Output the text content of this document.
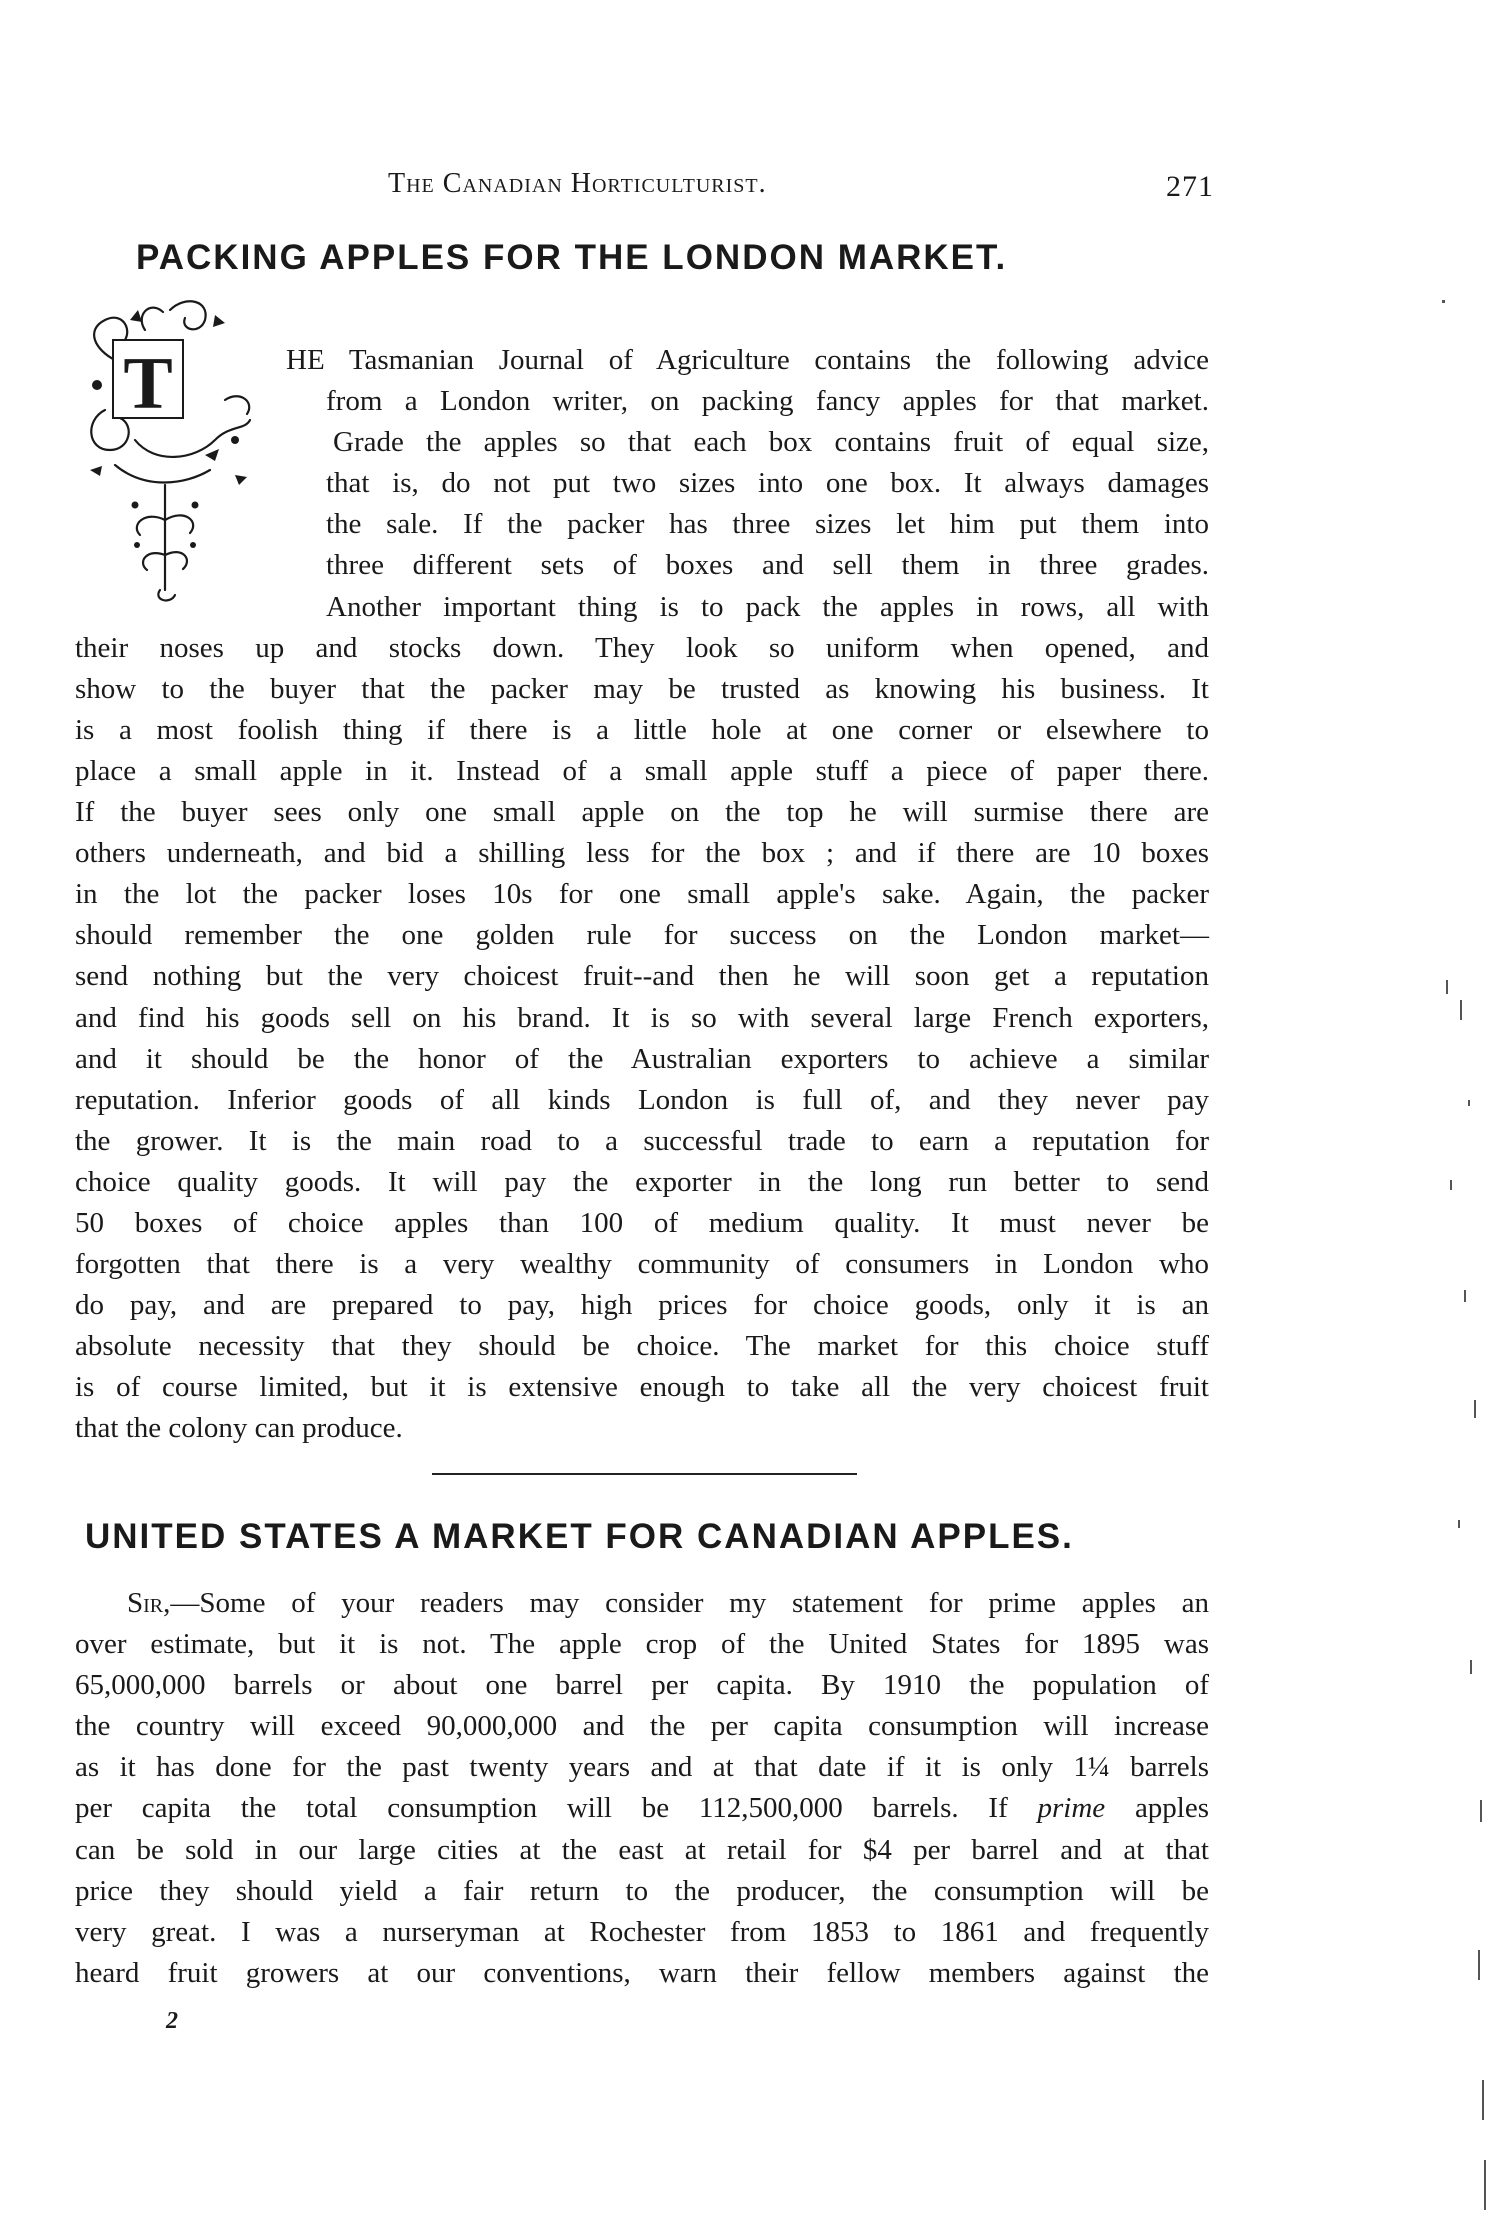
The Canadian Horticulturist.	271
PACKING APPLES FOR THE LONDON MARKET.
T	HE Tasmanian Journal of Agriculture contains the following advice
from a London writer, on packing fancy apples for that market.
Grade the apples so that each box contains fruit of equal size,
that is, do not put two sizes into one box. It always damages
the sale. If the packer has three sizes let him put them into
three different sets of boxes and sell them in three grades.
Another important thing is to pack the apples in rows, all with
their noses up and stocks down. They look so uniform when opened, and
show to the buyer that the packer may be trusted as knowing his business. It
is a most foolish thing if there is a little hole at one corner or elsewhere to
place a small apple in it. Instead of a small apple stuff a piece of paper there.
If the buyer sees only one small apple on the top he will surmise there are
others underneath, and bid a shilling less for the box ; and if there are 10 boxes
in the lot the packer loses 10s for one small apple's sake. Again, the packer
should remember the one golden rule for success on the London market—
send nothing but the very choicest fruit--and then he will soon get a reputation
and find his goods sell on his brand. It is so with several large French exporters,
and it should be the honor of the Australian exporters to achieve a similar
reputation. Inferior goods of all kinds London is full of, and they never pay
the grower. It is the main road to a successful trade to earn a reputation for
choice quality goods. It will pay the exporter in the long run better to send
50 boxes of choice apples than 100 of medium quality. It must never be
forgotten that there is a very wealthy community of consumers in London who
do pay, and are prepared to pay, high prices for choice goods, only it is an
absolute necessity that they should be choice. The market for this choice stuff
is of course limited, but it is extensive enough to take all the very choicest fruit
that the colony can produce.
UNITED STATES A MARKET FOR CANADIAN APPLES.
Sir,—Some of your readers may consider my statement for prime apples an
over estimate, but it is not. The apple crop of the United States for 1895 was
65,000,000 barrels or about one barrel per capita. By 1910 the population of
the country will exceed 90,000,000 and the per capita consumption will increase
as it has done for the past twenty years and at that date if it is only 1¼ barrels
per capita the total consumption will be 112,500,000 barrels. If prime apples
can be sold in our large cities at the east at retail for $4 per barrel and at that
price they should yield a fair return to the producer, the consumption will be
very great. I was a nurseryman at Rochester from 1853 to 1861 and frequently
heard fruit growers at our conventions, warn their fellow members against the
2
